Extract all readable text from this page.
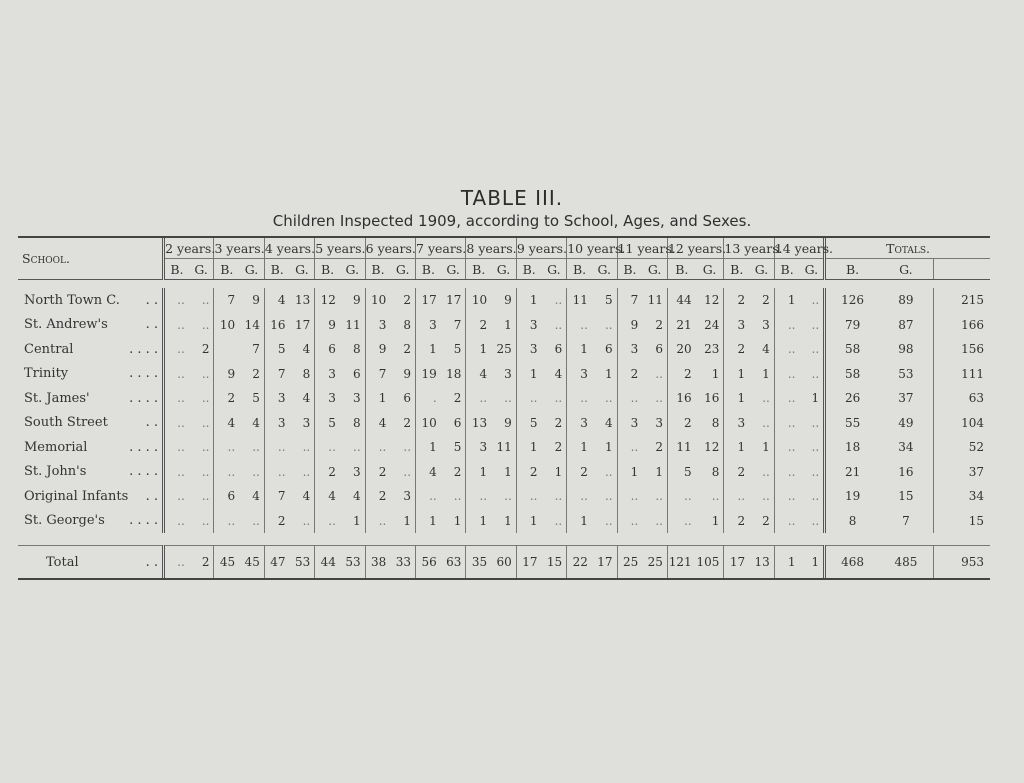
TABLE III.
Children Inspected 1909, according to School, Ages, and Sexes.
School.	2 years.		3 years.		4 years.		5 years.		6 years.		7 years.		8 years.		9 years.		10 years.		11 years.		12 years.		13 years.		14 years.		Totals.		
	B.	G.	B.	G.	B.	G.	B.	G.	B.	G.	B.	G.	B.	G.	B.	G.	B.	G.	B.	G.	B.	G.	B.	G.	B.	G.	B.	G.	

North Town C. . .	..	..	7	9	4	13	12	9	10	2	17	17	10	9	1	..	11	5	7	11	44	12	2	2	1	..	126	89	215
St. Andrew's . .	..	..	10	14	16	17	9	11	3	8	3	7	2	1	3	..	..	..	9	2	21	24	3	3	..	..	79	87	166
Central . . . .	..	2		7	5	4	6	8	9	2	1	5	1	25	3	6	1	6	3	6	20	23	2	4	..	..	58	98	156
Trinity . . . .	..	..	9	2	7	8	3	6	7	9	19	18	4	3	1	4	3	1	2	..	2	1	1	1	..	..	58	53	111
St. James' . . . .	..	..	2	5	3	4	3	3	1	6	.	2	..	..	..	..	..	..	..	..	16	16	1	..	..	1	26	37	63
South Street . .	..	..	4	4	3	3	5	8	4	2	10	6	13	9	5	2	3	4	3	3	2	8	3	..	..	..	55	49	104
Memorial . . . .	..	..	..	..	..	..	..	..	..	..	1	5	3	11	1	2	1	1	..	2	11	12	1	1	..	..	18	34	52
St. John's . . . .	..	..	..	..	..	..	2	3	2	..	4	2	1	1	2	1	2	..	1	1	5	8	2	..	..	..	21	16	37
Original Infants . .	..	..	6	4	7	4	4	4	2	3	..	..	..	..	..	..	..	..	..	..	..	..	..	..	..	..	19	15	34
St. George's . . . .	..	..	..	..	2	..	..	1	..	1	1	1	1	1	1	..	1	..	..	..	..	1	2	2	..	..	8	7	15

Total . .	..	2	45	45	47	53	44	53	38	33	56	63	35	60	17	15	22	17	25	25	121	105	17	13	1	1	468	485	953
